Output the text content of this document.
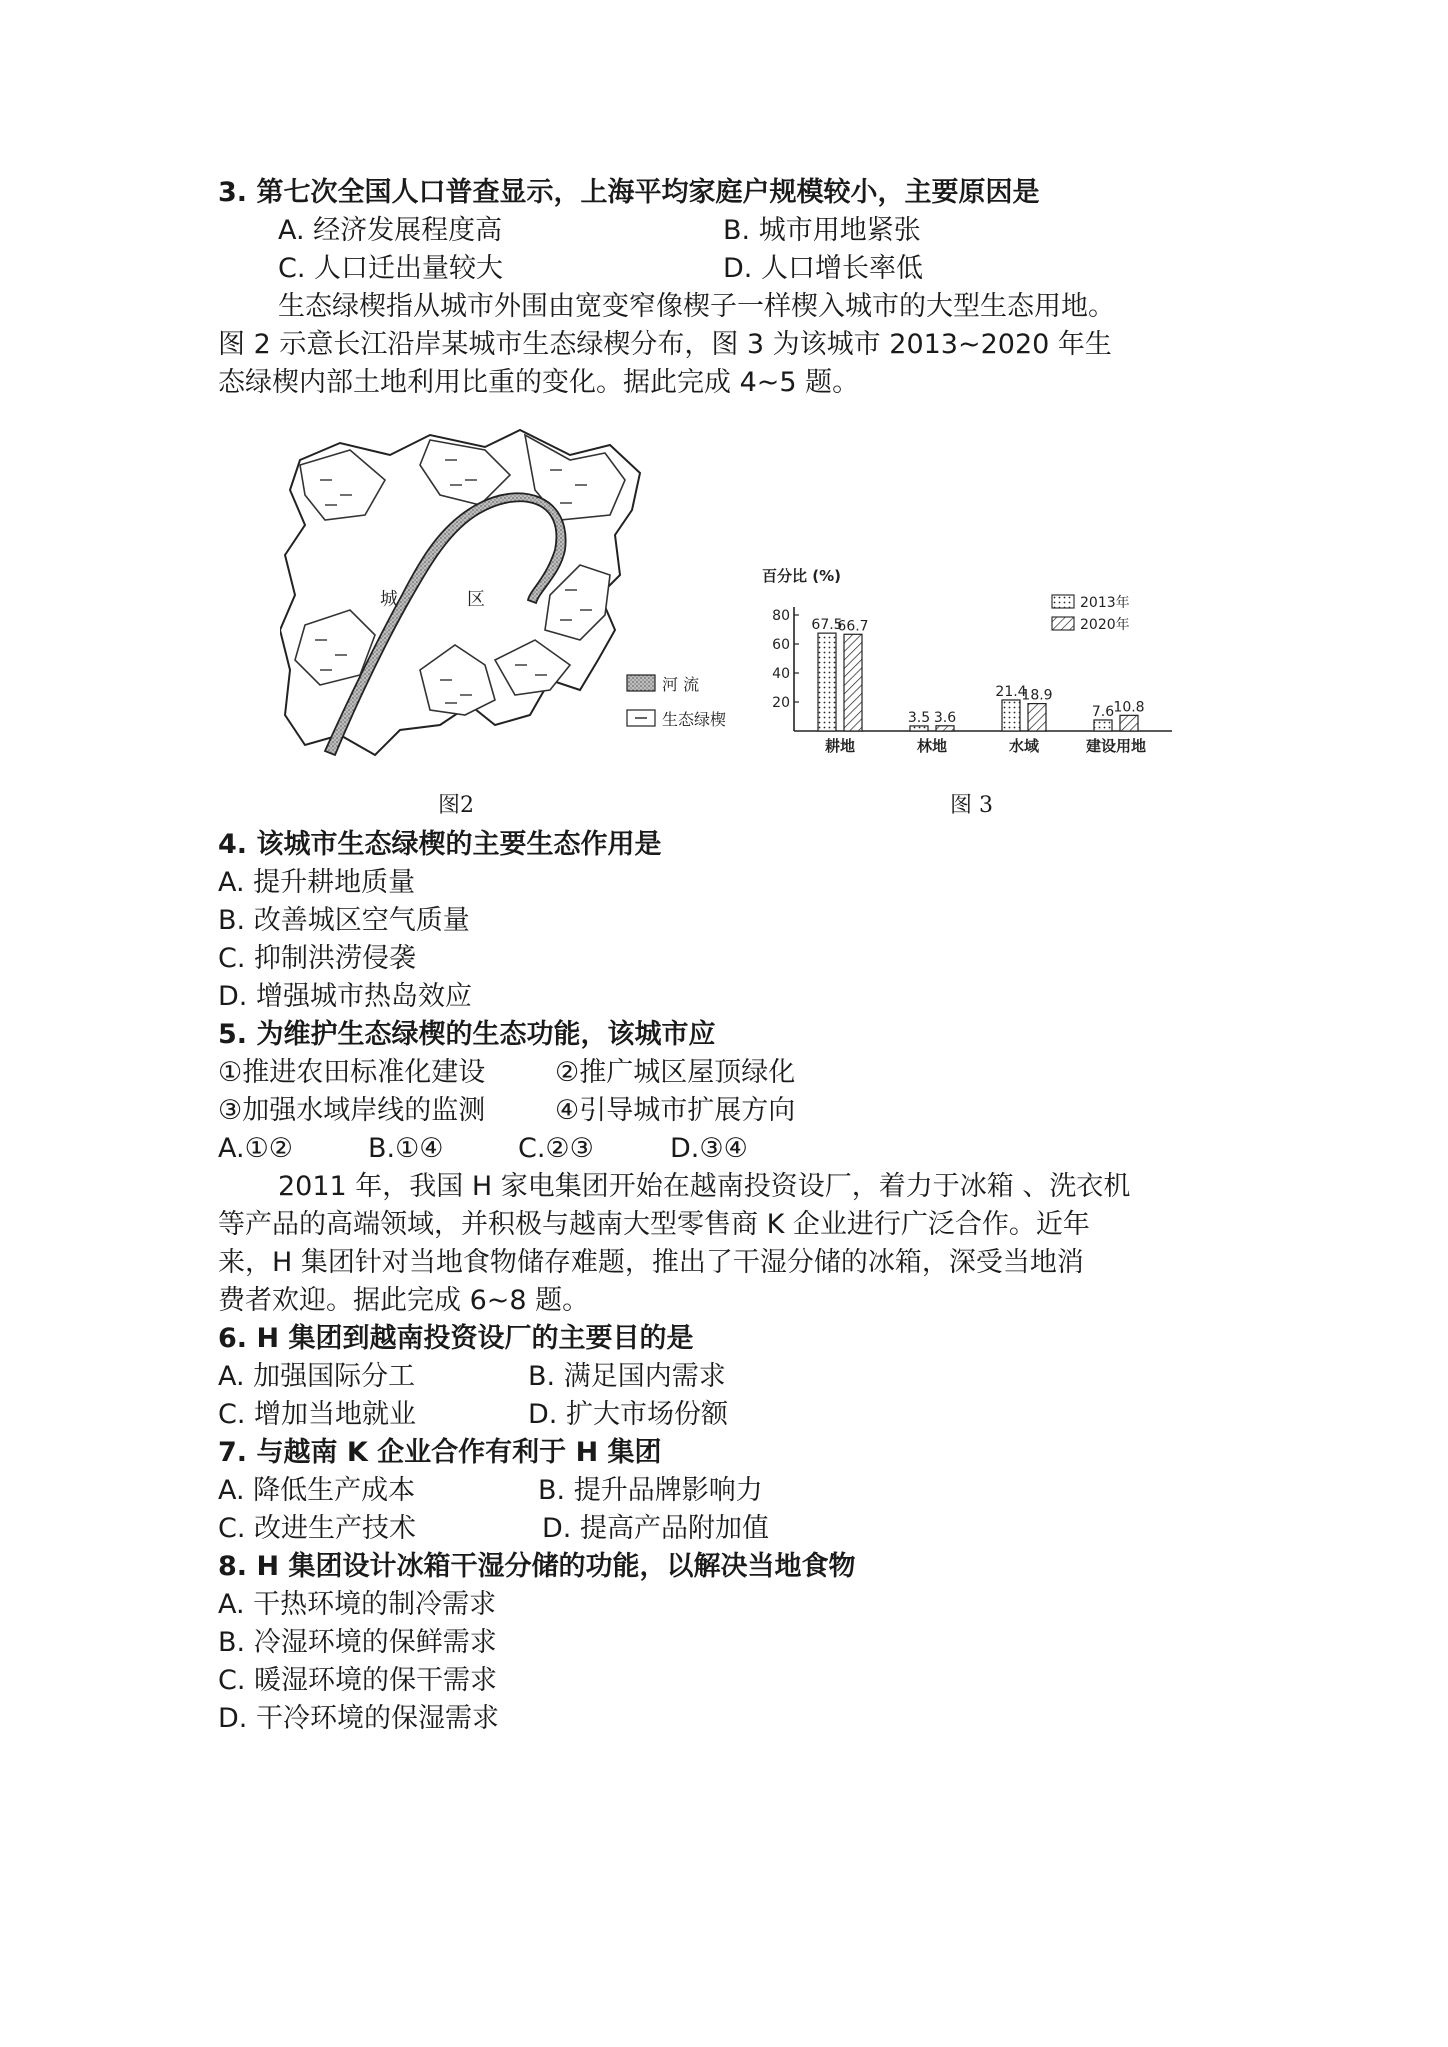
3. 第七次全国人口普查显示，上海平均家庭户规模较小，主要原因是
A. 经济发展程度高	B. 城市用地紧张
C. 人口迁出量较大	D. 人口增长率低
生态绿楔指从城市外围由宽变窄像楔子一样楔入城市的大型生态用地。
图 2 示意长江沿岸某城市生态绿楔分布，图 3 为该城市 2013~2020 年生
态绿楔内部土地利用比重的变化。据此完成 4~5 题。
城	区
河 流
生态绿楔
图2
百分比 (%)
20
40
60
80
67.5
66.7
耕地
3.5 3.6
林地
21.4
18.9
水域
7.6 10.8
建设用地
2013年
2020年
图 3
4. 该城市生态绿楔的主要生态作用是
A. 提升耕地质量
B. 改善城区空气质量
C. 抑制洪涝侵袭
D. 增强城市热岛效应
5. 为维护生态绿楔的生态功能，该城市应
①推进农田标准化建设	②推广城区屋顶绿化
③加强水域岸线的监测	④引导城市扩展方向
A.①②	B.①④	C.②③	D.③④
2011 年，我国 H 家电集团开始在越南投资设厂，着力于冰箱 、洗衣机
等产品的高端领域，并积极与越南大型零售商 K 企业进行广泛合作。近年
来，H 集团针对当地食物储存难题，推出了干湿分储的冰箱，深受当地消
费者欢迎。据此完成 6~8 题。
6. H 集团到越南投资设厂的主要目的是
A. 加强国际分工	B. 满足国内需求
C. 增加当地就业	D. 扩大市场份额
7. 与越南 K 企业合作有利于 H 集团
A. 降低生产成本	B. 提升品牌影响力
C. 改进生产技术	D. 提高产品附加值
8. H 集团设计冰箱干湿分储的功能，以解决当地食物
A. 干热环境的制冷需求
B. 冷湿环境的保鲜需求
C. 暖湿环境的保干需求
D. 干冷环境的保湿需求
